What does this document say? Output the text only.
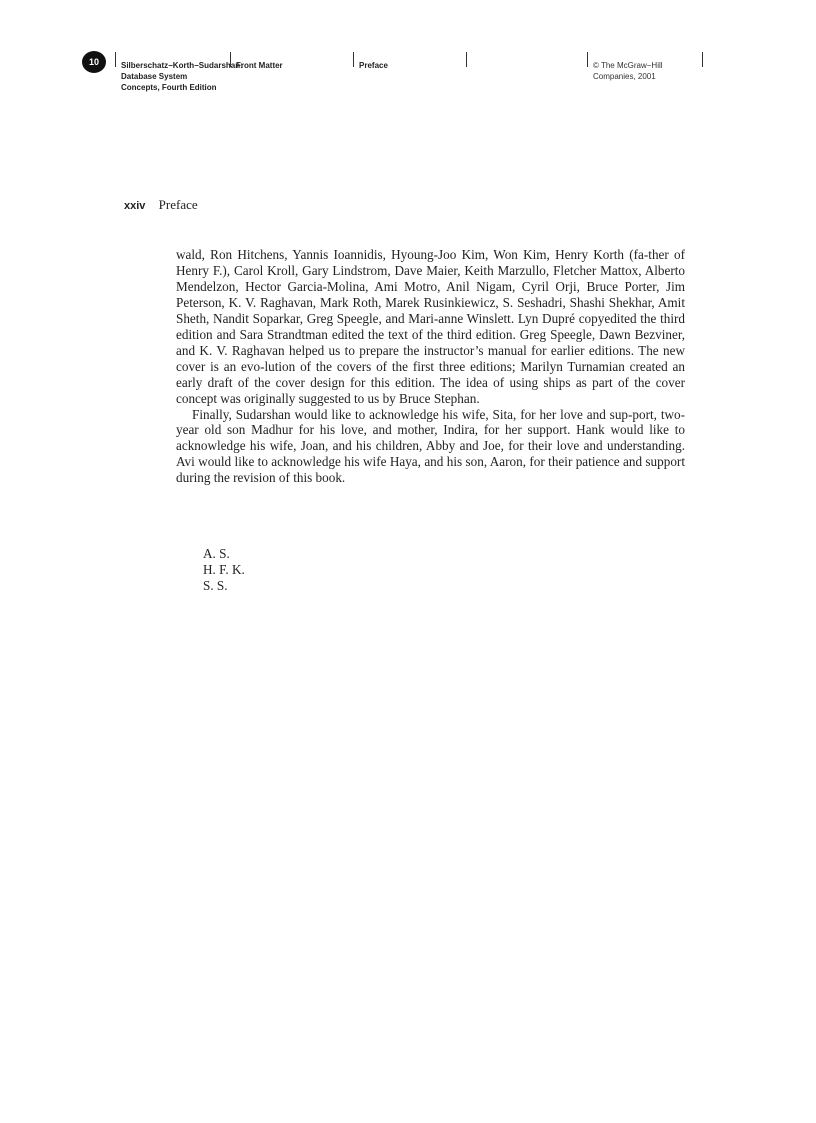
10	Silberschatz−Korth−Sudarshan:
Database System
Concepts, Fourth Edition
Front Matter	Preface	© The McGraw−Hill
Companies, 2001
xxiv Preface

wald, Ron Hitchens, Yannis Ioannidis, Hyoung-Joo Kim, Won Kim, Henry Korth (fa-ther of Henry F.), Carol Kroll, Gary Lindstrom, Dave Maier, Keith Marzullo, Fletcher Mattox, Alberto Mendelzon, Hector Garcia-Molina, Ami Motro, Anil Nigam, Cyril Orji, Bruce Porter, Jim Peterson, K. V. Raghavan, Mark Roth, Marek Rusinkiewicz, S. Seshadri, Shashi Shekhar, Amit Sheth, Nandit Soparkar, Greg Speegle, and Mari-anne Winslett. Lyn Dupré copyedited the third edition and Sara Strandtman edited the text of the third edition. Greg Speegle, Dawn Bezviner, and K. V. Raghavan helped us to prepare the instructor’s manual for earlier editions. The new cover is an evo-lution of the covers of the first three editions; Marilyn Turnamian created an early draft of the cover design for this edition. The idea of using ships as part of the cover concept was originally suggested to us by Bruce Stephan.

Finally, Sudarshan would like to acknowledge his wife, Sita, for her love and sup-port, two-year old son Madhur for his love, and mother, Indira, for her support. Hank would like to acknowledge his wife, Joan, and his children, Abby and Joe, for their love and understanding. Avi would like to acknowledge his wife Haya, and his son, Aaron, for their patience and support during the revision of this book.

A. S.
H. F. K.
S. S.
